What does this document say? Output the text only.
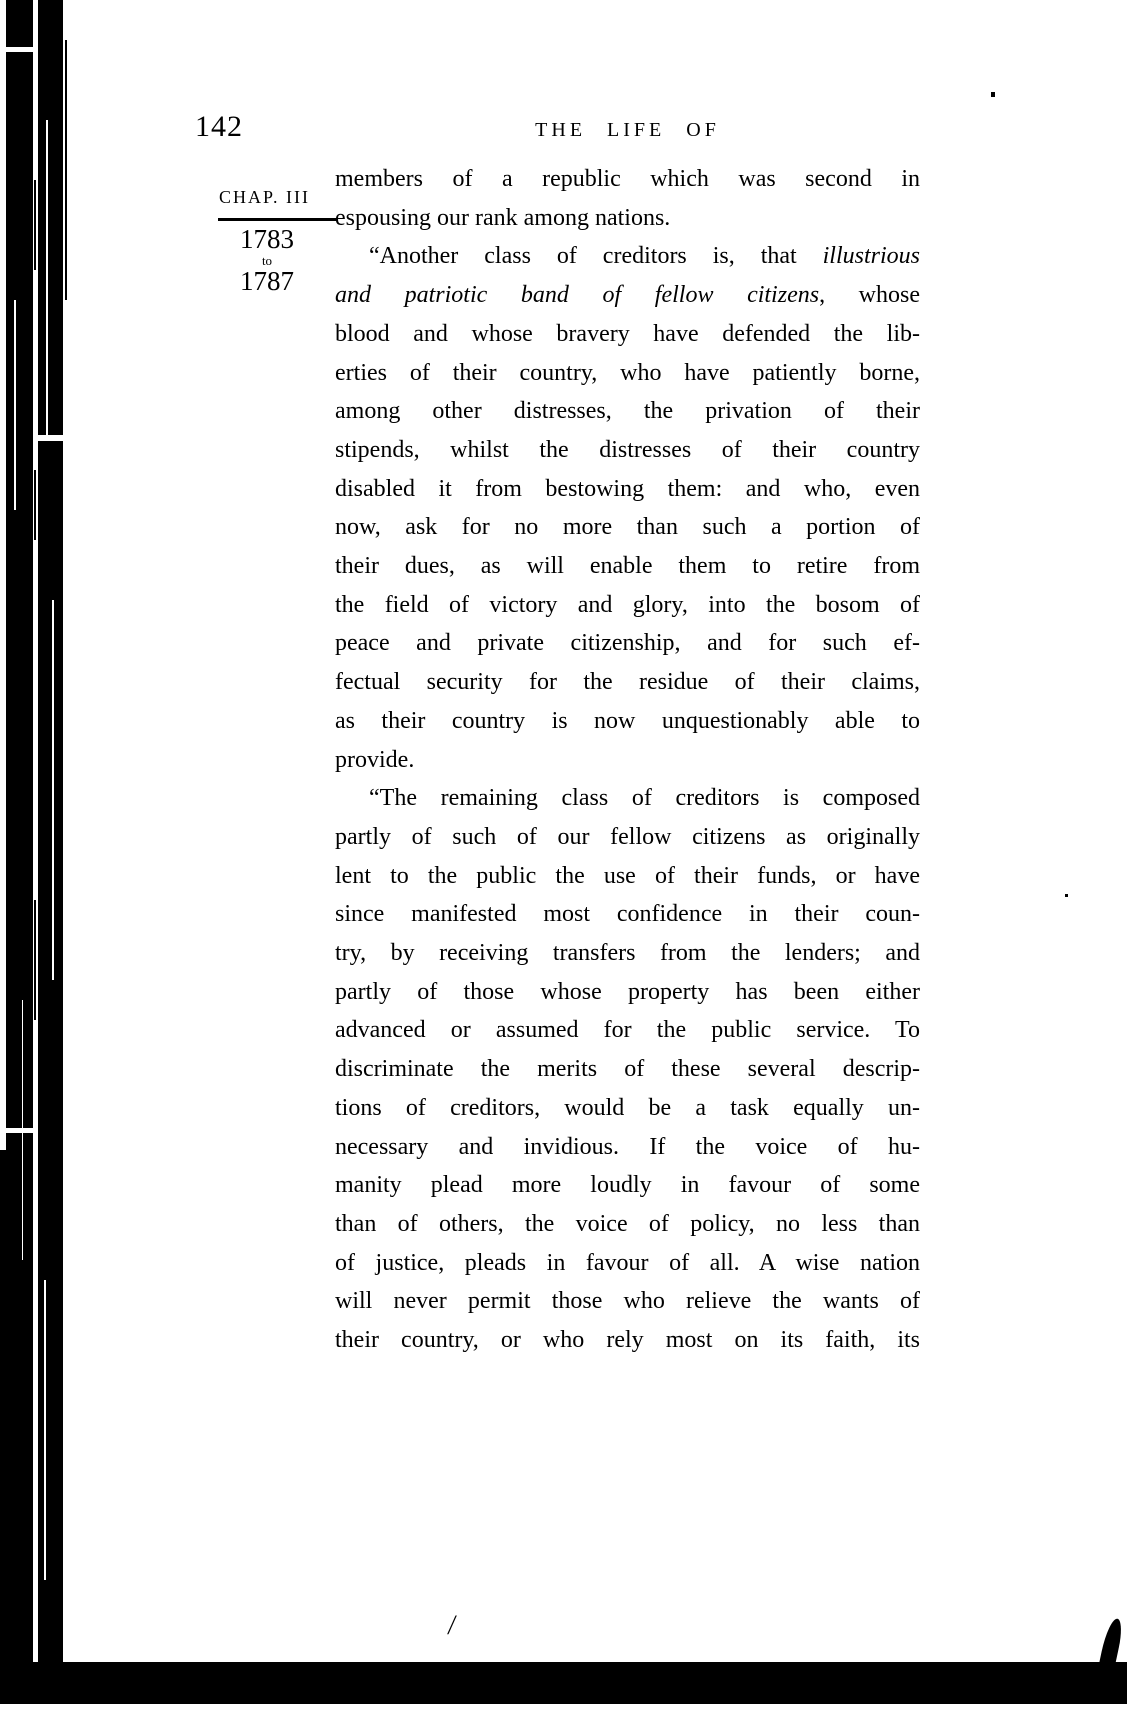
142	THE LIFE OF
CHAP. III
1783
to
1787
members of a republic which was second in
espousing our rank among nations.
“Another class of creditors is, that illustrious
and patriotic band of fellow citizens, whose
blood and whose bravery have defended the lib-
erties of their country, who have patiently borne,
among other distresses, the privation of their
stipends, whilst the distresses of their country
disabled it from bestowing them: and who, even
now, ask for no more than such a portion of
their dues, as will enable them to retire from
the field of victory and glory, into the bosom of
peace and private citizenship, and for such ef-
fectual security for the residue of their claims,
as their country is now unquestionably able to
provide.
“The remaining class of creditors is composed
partly of such of our fellow citizens as originally
lent to the public the use of their funds, or have
since manifested most confidence in their coun-
try, by receiving transfers from the lenders; and
partly of those whose property has been either
advanced or assumed for the public service. To
discriminate the merits of these several descrip-
tions of creditors, would be a task equally un-
necessary and invidious. If the voice of hu-
manity plead more loudly in favour of some
than of others, the voice of policy, no less than
of justice, pleads in favour of all. A wise nation
will never permit those who relieve the wants of
their country, or who rely most on its faith, its
/
